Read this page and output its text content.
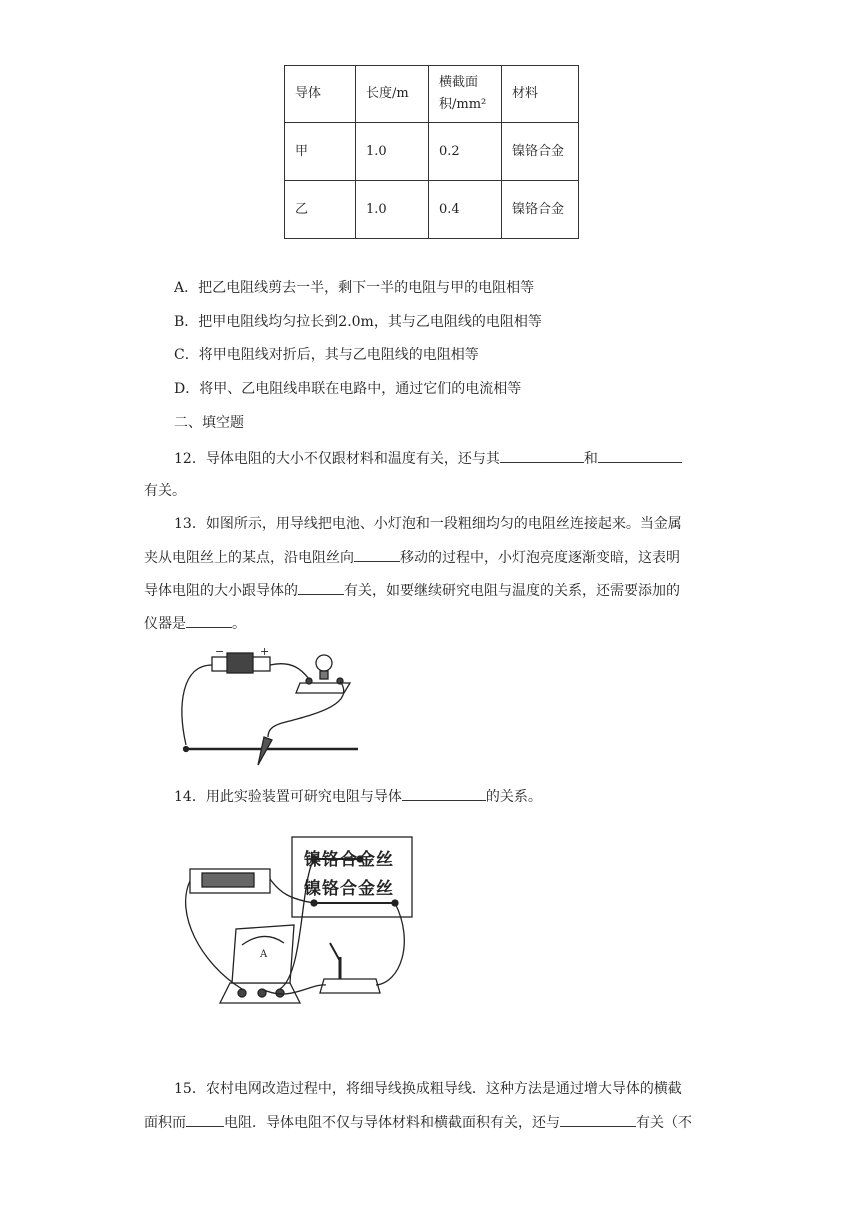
导体	长度/m	横截面积/mm²	材料
甲	1.0	0.2	镍铬合金
乙	1.0	0.4	镍铬合金
A．把乙电阻线剪去一半，剩下一半的电阻与甲的电阻相等
B．把甲电阻线均匀拉长到2.0m，其与乙电阻线的电阻相等
C．将甲电阻线对折后，其与乙电阻线的电阻相等
D．将甲、乙电阻线串联在电路中，通过它们的电流相等
二、填空题
12．导体电阻的大小不仅跟材料和温度有关，还与其	和
有关。
13．如图所示，用导线把电池、小灯泡和一段粗细均匀的电阻丝连接起来。当金属
夹从电阻丝上的某点，沿电阻丝向	移动的过程中，小灯泡亮度逐渐变暗，这表明
导体电阻的大小跟导体的	有关，如要继续研究电阻与温度的关系，还需要添加的
仪器是	。
−	+
14．用此实验装置可研究电阻与导体	的关系。
A
镍铬合金丝
镍铬合金丝
15．农村电网改造过程中，将细导线换成粗导线．这种方法是通过增大导体的横截
面积而	电阻．导体电阻不仅与导体材料和横截面积有关，还与	有关（不
